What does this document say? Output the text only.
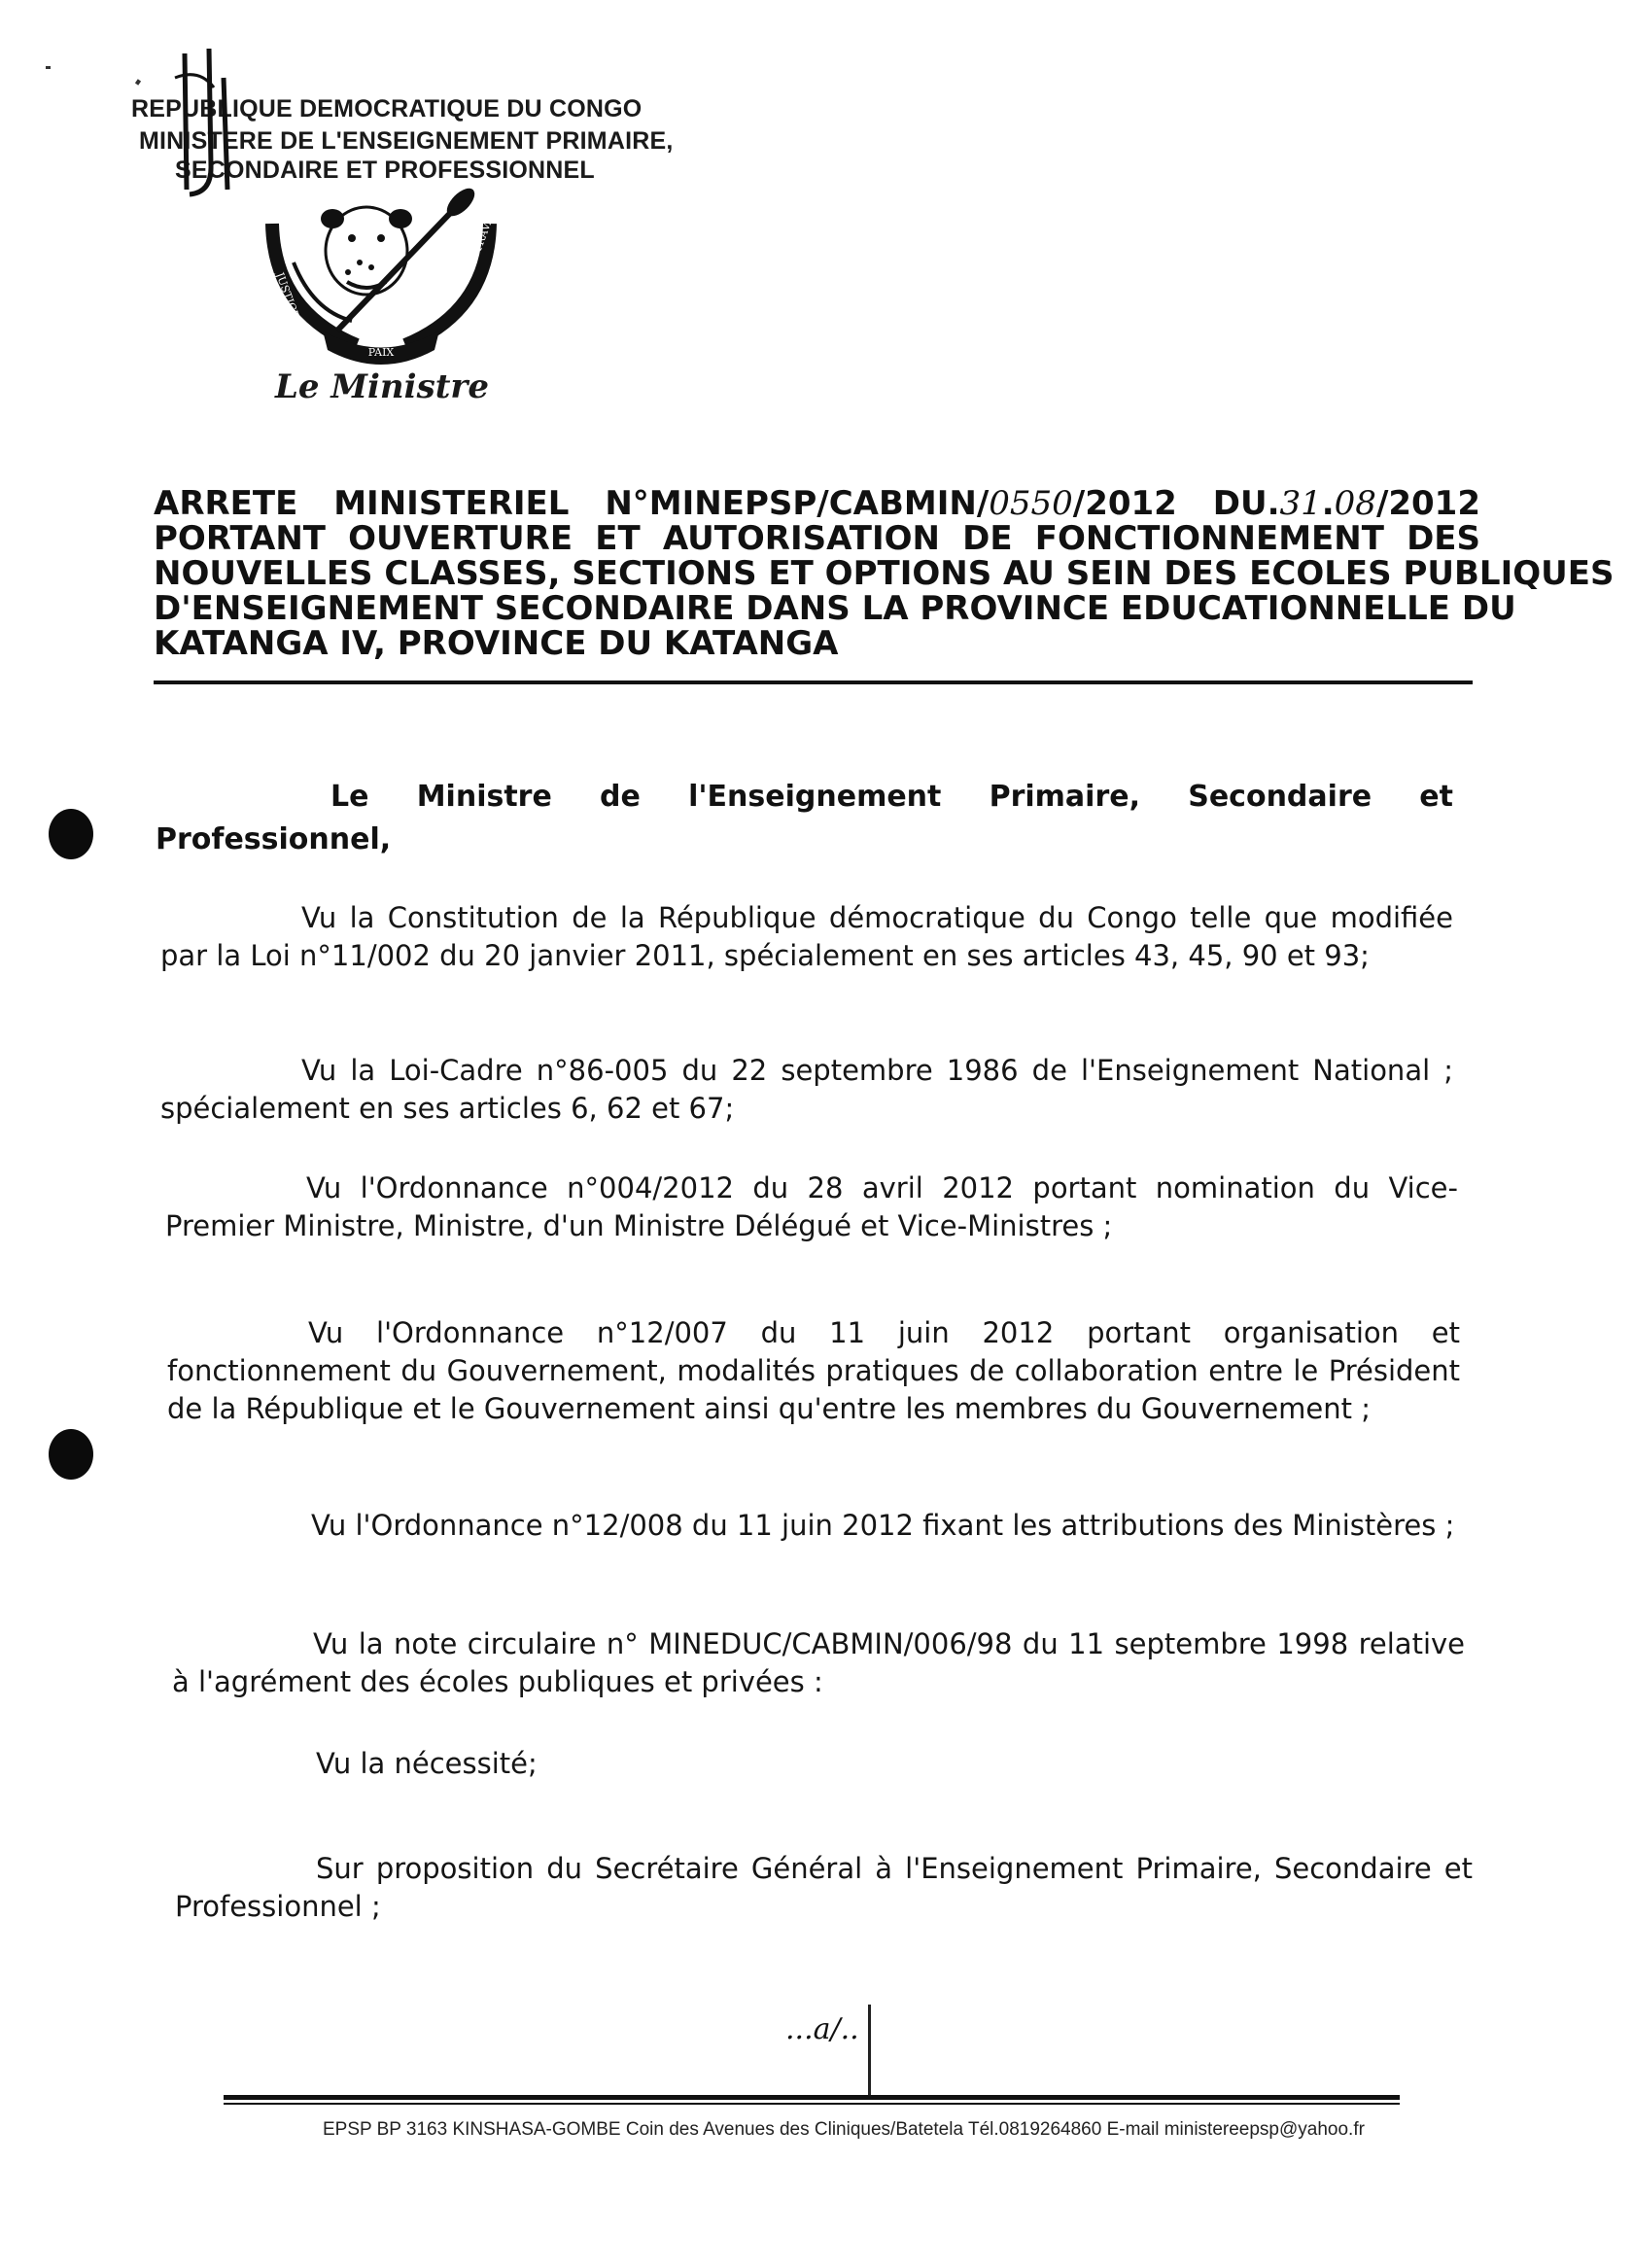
REPUBLIQUE DEMOCRATIQUE DU CONGO
MINISTERE DE L'ENSEIGNEMENT PRIMAIRE,
SECONDAIRE ET PROFESSIONNEL
PAIX
JUSTICE
TRAVAIL
Le Ministre
ARRETE MINISTERIEL N°MINEPSP/CABMIN/0550/2012 DU.31.08/2012
PORTANT OUVERTURE ET AUTORISATION DE FONCTIONNEMENT DES
NOUVELLES CLASSES, SECTIONS ET OPTIONS AU SEIN DES ECOLES PUBLIQUES
D'ENSEIGNEMENT SECONDAIRE DANS LA PROVINCE EDUCATIONNELLE DU
KATANGA IV, PROVINCE DU KATANGA
Le Ministre de l'Enseignement Primaire, Secondaire et
Professionnel,
Vu la Constitution de la République démocratique du Congo telle que modifiée par la Loi n°11/002 du 20 janvier 2011, spécialement en ses articles 43, 45, 90 et 93;
Vu la Loi-Cadre n°86-005 du 22 septembre 1986 de l'Enseignement National ; spécialement en ses articles 6, 62 et 67;
Vu l'Ordonnance n°004/2012 du 28 avril 2012 portant nomination du Vice-Premier Ministre, Ministre, d'un Ministre Délégué et Vice-Ministres ;
Vu l'Ordonnance n°12/007 du 11 juin 2012 portant organisation et fonctionnement du Gouvernement, modalités pratiques de collaboration entre le Président de la République et le Gouvernement ainsi qu'entre les membres du Gouvernement ;
Vu l'Ordonnance n°12/008 du 11 juin 2012 fixant les attributions des Ministères ;
Vu la note circulaire n° MINEDUC/CABMIN/006/98 du 11 septembre 1998 relative à l'agrément des écoles publiques et privées :
Vu la nécessité;
Sur proposition du Secrétaire Général à l'Enseignement Primaire, Secondaire et Professionnel ;
...a/..
EPSP BP 3163 KINSHASA-GOMBE Coin des Avenues des Cliniques/Batetela Tél.0819264860 E-mail ministereepsp@yahoo.fr
